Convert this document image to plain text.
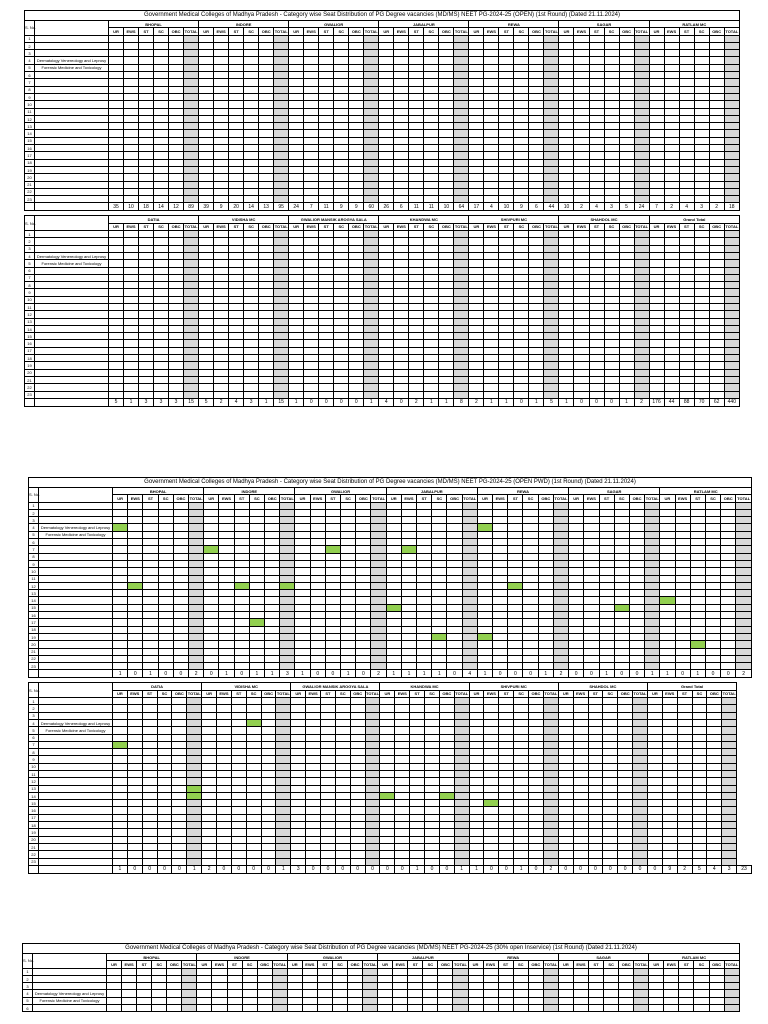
Government Medical Colleges of Madhya Pradesh - Category wise Seat Distribution of PG Degree vacancies (MD/MS) NEET PG-2024-25 (OPEN) (1st Round) (Dated 21.11.2024)
S. No.		BHOPAL						INDORE						GWALIOR						JABALPUR						REWA						SAGAR						RATLAM MC					
		UR	EWS	ST	SC	OBC	TOTAL	UR	EWS	ST	SC	OBC	TOTAL	UR	EWS	ST	SC	OBC	TOTAL	UR	EWS	ST	SC	OBC	TOTAL	UR	EWS	ST	SC	OBC	TOTAL	UR	EWS	ST	SC	OBC	TOTAL	UR	EWS	ST	SC	OBC	TOTAL
1																																											
2																																											
3																																											
4	Dermatology Venereology and Leprosy																																										
5	Forensic Medicine and Toxicology																																										
6																																											
7																																											
8																																											
9																																											
10																																											
11																																											
12																																											
13																																											
14																																											
15																																											
16																																											
17																																											
18																																											
19																																											
20																																											
21																																											
22																																											
23																																											
		35	10	18	14	12	89	39	9	20	14	13	95	24	7	11	9	9	60	26	6	11	11	10	64	17	4	10	9	6	44	10	2	4	3	5	24	7	2	4	3	2	18
S. No.		DATIA						VIDISHA MC						GWALIOR MANSIK AROGYA SALA						KHANDWA MC						SHIVPURI MC						SHAHDOL MC						Grand Total					
		UR	EWS	ST	SC	OBC	TOTAL	UR	EWS	ST	SC	OBC	TOTAL	UR	EWS	ST	SC	OBC	TOTAL	UR	EWS	ST	SC	OBC	TOTAL	UR	EWS	ST	SC	OBC	TOTAL	UR	EWS	ST	SC	OBC	TOTAL	UR	EWS	ST	SC	OBC	TOTAL
1																																											
2																																											
3																																											
4	Dermatology Venereology and Leprosy																																										
5	Forensic Medicine and Toxicology																																										
6																																											
7																																											
8																																											
9																																											
10																																											
11																																											
12																																											
13																																											
14																																											
15																																											
16																																											
17																																											
18																																											
19																																											
20																																											
21																																											
22																																											
23																																											
		5	1	3	3	3	15	5	2	4	3	1	15	1	0	0	0	0	1	4	0	2	1	1	8	2	1	1	0	1	5	1	0	0	0	1	2	176	44	88	70	62	440
Government Medical Colleges of Madhya Pradesh - Category wise Seat Distribution of PG Degree vacancies (MD/MS) NEET PG-2024-25 (OPEN PWD) (1st Round) (Dated 21.11.2024)
S. No.		BHOPAL						INDORE						GWALIOR						JABALPUR						REWA						SAGAR						RATLAM MC					
		UR	EWS	ST	SC	OBC	TOTAL	UR	EWS	ST	SC	OBC	TOTAL	UR	EWS	ST	SC	OBC	TOTAL	UR	EWS	ST	SC	OBC	TOTAL	UR	EWS	ST	SC	OBC	TOTAL	UR	EWS	ST	SC	OBC	TOTAL	UR	EWS	ST	SC	OBC	TOTAL
1																																											
2																																											
3																																											
4	Dermatology Venereology and Leprosy																																										
5	Forensic Medicine and Toxicology																																										
6																																											
7																																											
8																																											
9																																											
10																																											
11																																											
12																																											
13																																											
14																																											
15																																											
16																																											
17																																											
18																																											
19																																											
20																																											
21																																											
22																																											
23																																											
		1	0	1	0	0	2	0	1	0	1	1	3	1	0	0	1	0	2	1	1	1	1	0	4	1	0	0	0	1	2	0	0	1	0	0	1	1	0	1	0	0	2
S. No.		DATIA						VIDISHA MC						GWALIOR MANSIK AROGYA SALA						KHANDWA MC						SHIVPURI MC						SHAHDOL MC						Grand Total						
		UR	EWS	ST	SC	OBC	TOTAL	UR	EWS	ST	SC	OBC	TOTAL	UR	EWS	ST	SC	OBC	TOTAL	UR	EWS	ST	SC	OBC	TOTAL	UR	EWS	ST	SC	OBC	TOTAL	UR	EWS	ST	SC	OBC	TOTAL	UR	EWS	ST	SC	OBC	TOTAL	
1																																												
2																																												
3																																												
4	Dermatology Venereology and Leprosy																																											
5	Forensic Medicine and Toxicology																																											
6																																												
7																																												
8																																												
9																																												
10																																												
11																																												
12																																												
13																																												
14																																												
15																																												
16																																												
17																																												
18																																												
19																																												
20																																												
21																																												
22																																												
23																																												
		1	0	0	0	0	1	2	0	0	0	0	1	3	0	0	0	0	0	0	0	1	0	0	1	1	0	0	1	0	2	0	0	0	0	0	0	0	9	2	5	4	3	23
Government Medical Colleges of Madhya Pradesh - Category wise Seat Distribution of PG Degree vacancies (MD/MS) NEET PG-2024-25 (30% open Inservice) (1st Round) (Dated 21.11.2024)
S. No.		BHOPAL						INDORE						GWALIOR						JABALPUR						REWA						SAGAR						RATLAM MC					
		UR	EWS	ST	SC	OBC	TOTAL	UR	EWS	ST	SC	OBC	TOTAL	UR	EWS	ST	SC	OBC	TOTAL	UR	EWS	ST	SC	OBC	TOTAL	UR	EWS	ST	SC	OBC	TOTAL	UR	EWS	ST	SC	OBC	TOTAL	UR	EWS	ST	SC	OBC	TOTAL
1																																											
2																																											
3																																											
4	Dermatology Venereology and Leprosy																																										
5	Forensic Medicine and Toxicology																																										
6																																											
